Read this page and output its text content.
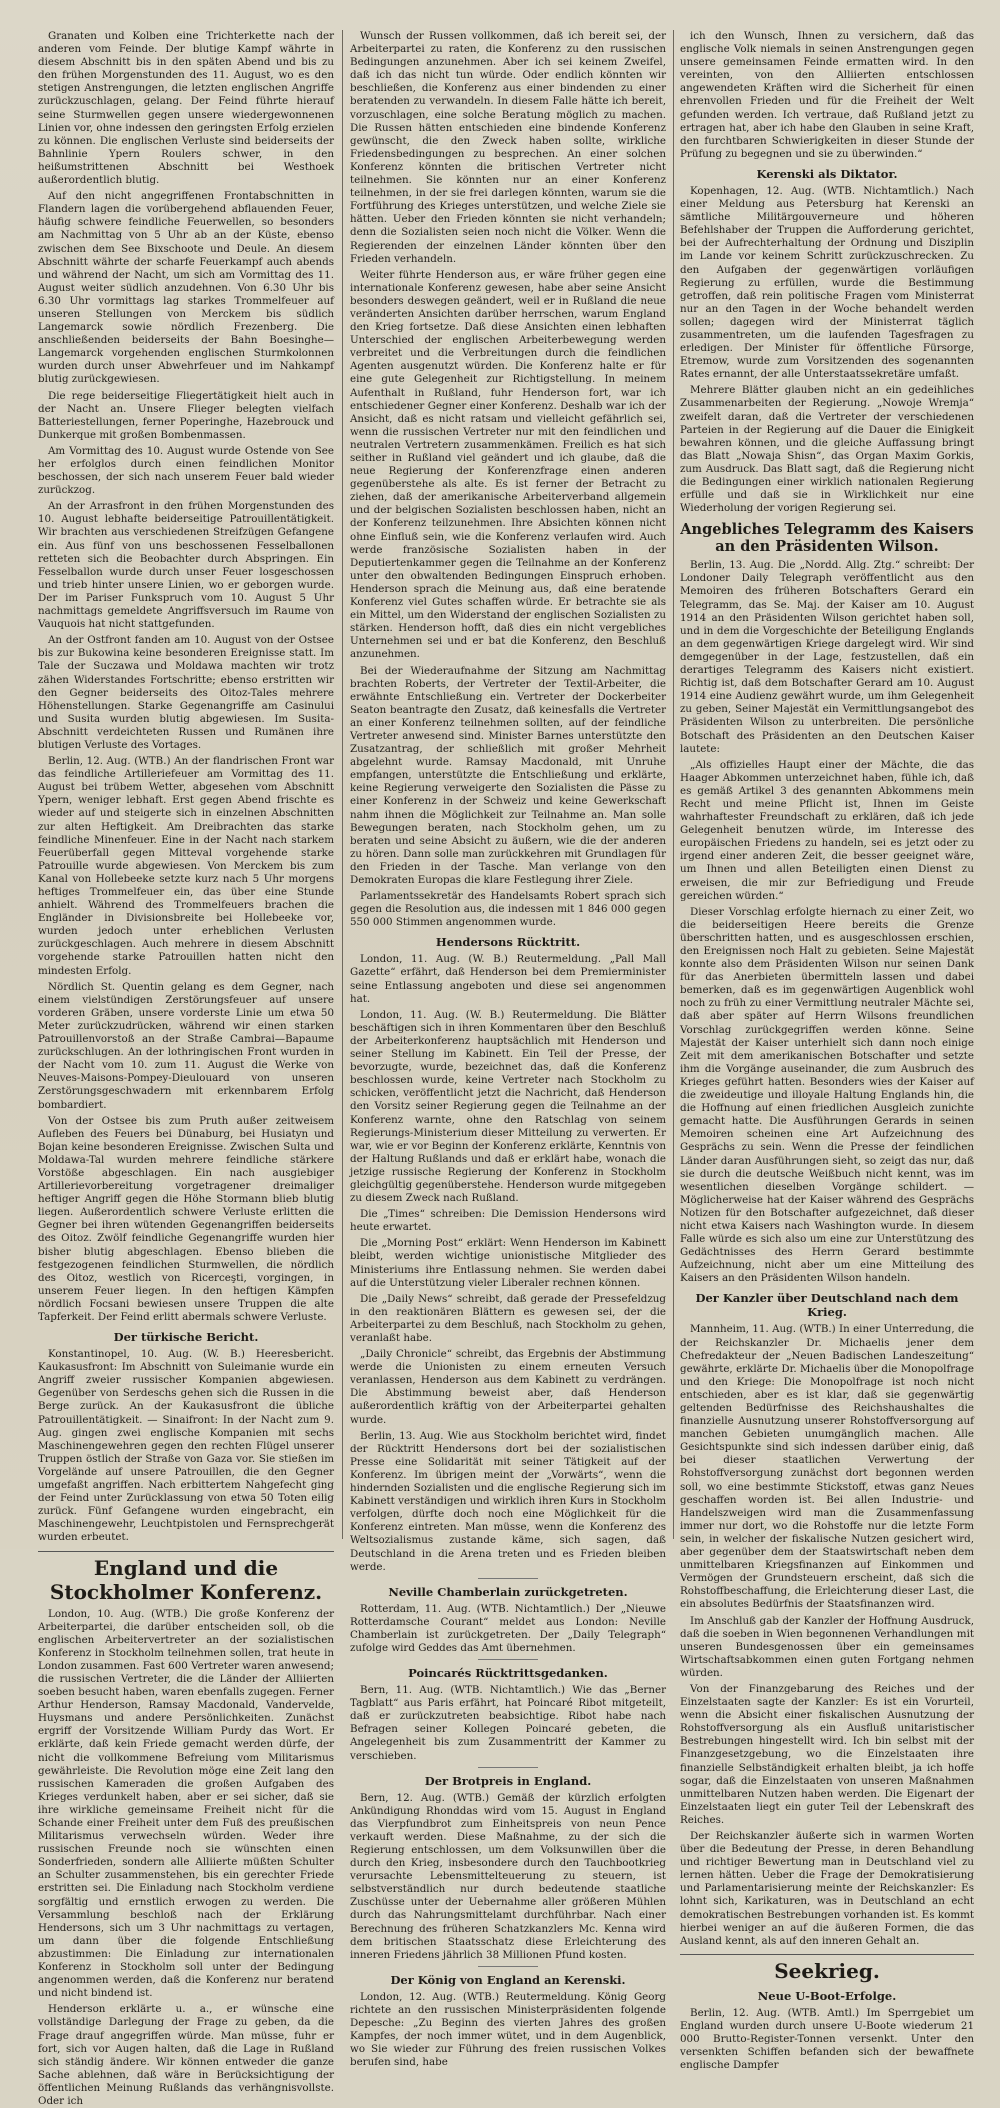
Granaten und Kolben eine Trichterkette nach der anderen vom Feinde. Der blutige Kampf währte in diesem Abschnitt bis in den späten Abend und bis zu den frühen Morgenstunden des 11. August, wo es den stetigen Anstrengungen, die letzten englischen Angriffe zurückzuschlagen, gelang. Der Feind führte hierauf seine Sturmwellen gegen unsere wiedergewonnenen Linien vor, ohne indessen den geringsten Erfolg erzielen zu können. Die englischen Verluste sind beiderseits der Bahnlinie Ypern Roulers schwer, in den heißumstrittenen Abschnitt bei Westhoek außerordentlich blutig.

Auf den nicht angegriffenen Frontabschnitten in Flandern lagen die vorübergehend abflauenden Feuer, häufig schwere feindliche Feuerwellen, so besonders am Nachmittag von 5 Uhr ab an der Küste, ebenso zwischen dem See Bixschoote und Deule. An diesem Abschnitt währte der scharfe Feuerkampf auch abends und während der Nacht, um sich am Vormittag des 11. August weiter südlich anzudehnen. Von 6.30 Uhr bis 6.30 Uhr vormittags lag starkes Trommelfeuer auf unseren Stellungen von Merckem bis südlich Langemarck sowie nördlich Frezenberg. Die anschließenden beiderseits der Bahn Boesinghe—Langemarck vorgehenden englischen Sturmkolonnen wurden durch unser Abwehrfeuer und im Nahkampf blutig zurückgewiesen.

Die rege beiderseitige Fliegertätigkeit hielt auch in der Nacht an. Unsere Flieger belegten vielfach Batteriestellungen, ferner Poperinghe, Hazebrouck und Dunkerque mit großen Bombenmassen.

Am Vormittag des 10. August wurde Ostende von See her erfolglos durch einen feindlichen Monitor beschossen, der sich nach unserem Feuer bald wieder zurückzog.

An der Arrasfront in den frühen Morgenstunden des 10. August lebhafte beiderseitige Patrouillentätigkeit. Wir brachten aus verschiedenen Streifzügen Gefangene ein. Aus fünf von uns beschossenen Fesselballonen retteten sich die Beobachter durch Abspringen. Ein Fesselballon wurde durch unser Feuer losgeschossen und trieb hinter unsere Linien, wo er geborgen wurde. Der im Pariser Funkspruch vom 10. August 5 Uhr nachmittags gemeldete Angriffsversuch im Raume von Vauquois hat nicht stattgefunden.

An der Ostfront fanden am 10. August von der Ostsee bis zur Bukowina keine besonderen Ereignisse statt. Im Tale der Suczawa und Moldawa machten wir trotz zähen Widerstandes Fortschritte; ebenso erstritten wir den Gegner beiderseits des Oitoz-Tales mehrere Höhenstellungen. Starke Gegenangriffe am Casinului und Susita wurden blutig abgewiesen. Im Susita-Abschnitt verdeichteten Russen und Rumänen ihre blutigen Verluste des Vortages.

Berlin, 12. Aug. (WTB.) An der flandrischen Front war das feindliche Artilleriefeuer am Vormittag des 11. August bei trübem Wetter, abgesehen vom Abschnitt Ypern, weniger lebhaft. Erst gegen Abend frischte es wieder auf und steigerte sich in einzelnen Abschnitten zur alten Heftigkeit. Am Dreibrachten das starke feindliche Minenfeuer. Eine in der Nacht nach starkem Feuerüberfall gegen Mitteval vorgehende starke Patrouille wurde abgewiesen. Von Merckem bis zum Kanal von Hollebeeke setzte kurz nach 5 Uhr morgens heftiges Trommelfeuer ein, das über eine Stunde anhielt. Während des Trommelfeuers brachen die Engländer in Divisionsbreite bei Hollebeeke vor, wurden jedoch unter erheblichen Verlusten zurückgeschlagen. Auch mehrere in diesem Abschnitt vorgehende starke Patrouillen hatten nicht den mindesten Erfolg.

Nördlich St. Quentin gelang es dem Gegner, nach einem vielstündigen Zerstörungsfeuer auf unsere vorderen Gräben, unsere vorderste Linie um etwa 50 Meter zurückzudrücken, während wir einen starken Patrouillenvorstoß an der Straße Cambrai—Bapaume zurückschlugen. An der lothringischen Front wurden in der Nacht vom 10. zum 11. August die Werke von Neuves-Maisons-Pompey-Dieulouard von unseren Zerstörungsgeschwadern mit erkennbarem Erfolg bombardiert.

Von der Ostsee bis zum Pruth außer zeitweisem Aufleben des Feuers bei Dünaburg, bei Husiatyn und Bojan keine besonderen Ereignisse. Zwischen Sulta und Moldawa-Tal wurden mehrere feindliche stärkere Vorstöße abgeschlagen. Ein nach ausgiebiger Artillerievorbereitung vorgetragener dreimaliger heftiger Angriff gegen die Höhe Stormann blieb blutig liegen. Außerordentlich schwere Verluste erlitten die Gegner bei ihren wütenden Gegenangriffen beiderseits des Oitoz. Zwölf feindliche Gegenangriffe wurden hier bisher blutig abgeschlagen. Ebenso blieben die festgezogenen feindlichen Sturmwellen, die nördlich des Oitoz, westlich von Ricerceşti, vorgingen, in unserem Feuer liegen. In den heftigen Kämpfen nördlich Focsani bewiesen unsere Truppen die alte Tapferkeit. Der Feind erlitt abermals schwere Verluste.

Der türkische Bericht.

Konstantinopel, 10. Aug. (W. B.) Heeresbericht. Kaukasusfront: Im Abschnitt von Suleimanie wurde ein Angriff zweier russischer Kompanien abgewiesen. Gegenüber von Serdeschs gehen sich die Russen in die Berge zurück. An der Kaukasusfront die übliche Patrouillentätigkeit. — Sinaifront: In der Nacht zum 9. Aug. gingen zwei englische Kompanien mit sechs Maschinengewehren gegen den rechten Flügel unserer Truppen östlich der Straße von Gaza vor. Sie stießen im Vorgelände auf unsere Patrouillen, die den Gegner umgefaßt angriffen. Nach erbittertem Nahgefecht ging der Feind unter Zurücklassung von etwa 50 Toten eilig zurück. Fünf Gefangene wurden eingebracht, ein Maschinengewehr, Leuchtpistolen und Fernsprechgerät wurden erbeutet.

England und die Stockholmer Konferenz.

London, 10. Aug. (WTB.) Die große Konferenz der Arbeiterpartei, die darüber entscheiden soll, ob die englischen Arbeitervertreter an der sozialistischen Konferenz in Stockholm teilnehmen sollen, trat heute in London zusammen. Fast 600 Vertreter waren anwesend; die russischen Vertreter, die die Länder der Alliierten soeben besucht haben, waren ebenfalls zugegen. Ferner Arthur Henderson, Ramsay Macdonald, Vandervelde, Huysmans und andere Persönlichkeiten. Zunächst ergriff der Vorsitzende William Purdy das Wort. Er erklärte, daß kein Friede gemacht werden dürfe, der nicht die vollkommene Befreiung vom Militarismus gewährleiste. Die Revolution möge eine Zeit lang den russischen Kameraden die großen Aufgaben des Krieges verdunkelt haben, aber er sei sicher, daß sie ihre wirkliche gemeinsame Freiheit nicht für die Schande einer Freiheit unter dem Fuß des preußischen Militarismus verwechseln würden. Weder ihre russischen Freunde noch sie wünschten einen Sonderfrieden, sondern alle Alliierte müßten Schulter an Schulter zusammenstehen, bis ein gerechter Friede erstritten sei. Die Einladung nach Stockholm verdiene sorgfältig und ernstlich erwogen zu werden. Die Versammlung beschloß nach der Erklärung Hendersons, sich um 3 Uhr nachmittags zu vertagen, um dann über die folgende Entschließung abzustimmen: Die Einladung zur internationalen Konferenz in Stockholm soll unter der Bedingung angenommen werden, daß die Konferenz nur beratend und nicht bindend ist.

Henderson erklärte u. a., er wünsche eine vollständige Darlegung der Frage zu geben, da die Frage drauf angegriffen würde. Man müsse, fuhr er fort, sich vor Augen halten, daß die Lage in Rußland sich ständig ändere. Wir können entweder die ganze Sache ablehnen, daß wäre in Berücksichtigung der öffentlichen Meinung Rußlands das verhängnisvollste. Oder ich

Wunsch der Russen vollkommen, daß ich bereit sei, der Arbeiterpartei zu raten, die Konferenz zu den russischen Bedingungen anzunehmen. Aber ich sei keinem Zweifel, daß ich das nicht tun würde. Oder endlich könnten wir beschließen, die Konferenz aus einer bindenden zu einer beratenden zu verwandeln. In diesem Falle hätte ich bereit, vorzuschlagen, eine solche Beratung möglich zu machen. Die Russen hätten entschieden eine bindende Konferenz gewünscht, die den Zweck haben sollte, wirkliche Friedensbedingungen zu besprechen. An einer solchen Konferenz könnten die britischen Vertreter nicht teilnehmen. Sie könnten nur an einer Konferenz teilnehmen, in der sie frei darlegen könnten, warum sie die Fortführung des Krieges unterstützen, und welche Ziele sie hätten. Ueber den Frieden könnten sie nicht verhandeln; denn die Sozialisten seien noch nicht die Völker. Wenn die Regierenden der einzelnen Länder könnten über den Frieden verhandeln.

Weiter führte Henderson aus, er wäre früher gegen eine internationale Konferenz gewesen, habe aber seine Ansicht besonders deswegen geändert, weil er in Rußland die neue veränderten Ansichten darüber herrschen, warum England den Krieg fortsetze. Daß diese Ansichten einen lebhaften Unterschied der englischen Arbeiterbewegung werden verbreitet und die Verbreitungen durch die feindlichen Agenten ausgenutzt würden. Die Konferenz halte er für eine gute Gelegenheit zur Richtigstellung. In meinem Aufenthalt in Rußland, fuhr Henderson fort, war ich entschiedener Gegner einer Konferenz. Deshalb war ich der Ansicht, daß es nicht ratsam und vielleicht gefährlich sei, wenn die russischen Vertreter nur mit den feindlichen und neutralen Vertretern zusammenkämen. Freilich es hat sich seither in Rußland viel geändert und ich glaube, daß die neue Regierung der Konferenzfrage einen anderen gegenüberstehe als alte. Es ist ferner der Betracht zu ziehen, daß der amerikanische Arbeiterverband allgemein und der belgischen Sozialisten beschlossen haben, nicht an der Konferenz teilzunehmen. Ihre Absichten können nicht ohne Einfluß sein, wie die Konferenz verlaufen wird. Auch werde französische Sozialisten haben in der Deputiertenkammer gegen die Teilnahme an der Konferenz unter den obwaltenden Bedingungen Einspruch erhoben. Henderson sprach die Meinung aus, daß eine beratende Konferenz viel Gutes schaffen würde. Er betrachte sie als ein Mittel, um den Widerstand der englischen Sozialisten zu stärken. Henderson hofft, daß dies ein nicht vergebliches Unternehmen sei und er bat die Konferenz, den Beschluß anzunehmen.

Bei der Wiederaufnahme der Sitzung am Nachmittag brachten Roberts, der Vertreter der Textil-Arbeiter, die erwähnte Entschließung ein. Vertreter der Dockerbeiter Seaton beantragte den Zusatz, daß keinesfalls die Vertreter an einer Konferenz teilnehmen sollten, auf der feindliche Vertreter anwesend sind. Minister Barnes unterstützte den Zusatzantrag, der schließlich mit großer Mehrheit abgelehnt wurde. Ramsay Macdonald, mit Unruhe empfangen, unterstützte die Entschließung und erklärte, keine Regierung verweigerte den Sozialisten die Pässe zu einer Konferenz in der Schweiz und keine Gewerkschaft nahm ihnen die Möglichkeit zur Teilnahme an. Man solle Bewegungen beraten, nach Stockholm gehen, um zu beraten und seine Absicht zu äußern, wie die der anderen zu hören. Dann solle man zurückkehren mit Grundlagen für den Frieden in der Tasche. Man verlange von den Demokraten Europas die klare Festlegung ihrer Ziele.

Parlamentssekretär des Handelsamts Robert sprach sich gegen die Resolution aus, die indessen mit 1 846 000 gegen 550 000 Stimmen angenommen wurde.

Hendersons Rücktritt.

London, 11. Aug. (W. B.) Reutermeldung. „Pall Mall Gazette“ erfährt, daß Henderson bei dem Premierminister seine Entlassung angeboten und diese sei angenommen hat.

London, 11. Aug. (W. B.) Reutermeldung. Die Blätter beschäftigen sich in ihren Kommentaren über den Beschluß der Arbeiterkonferenz hauptsächlich mit Henderson und seiner Stellung im Kabinett. Ein Teil der Presse, der bevorzugte, wurde, bezeichnet das, daß die Konferenz beschlossen wurde, keine Vertreter nach Stockholm zu schicken, veröffentlicht jetzt die Nachricht, daß Henderson den Vorsitz seiner Regierung gegen die Teilnahme an der Konferenz warnte, ohne den Ratschlag von seinem Regierungs-Ministerium dieser Mitteilung zu verwerten. Er war, wie er vor Beginn der Konferenz erklärte, Kenntnis von der Haltung Rußlands und daß er erklärt habe, wonach die jetzige russische Regierung der Konferenz in Stockholm gleichgültig gegenüberstehe. Henderson wurde mitgegeben zu diesem Zweck nach Rußland.

Die „Times“ schreiben: Die Demission Hendersons wird heute erwartet.

Die „Morning Post“ erklärt: Wenn Henderson im Kabinett bleibt, werden wichtige unionistische Mitglieder des Ministeriums ihre Entlassung nehmen. Sie werden dabei auf die Unterstützung vieler Liberaler rechnen können.

Die „Daily News“ schreibt, daß gerade der Pressefeldzug in den reaktionären Blättern es gewesen sei, der die Arbeiterpartei zu dem Beschluß, nach Stockholm zu gehen, veranlaßt habe.

„Daily Chronicle“ schreibt, das Ergebnis der Abstimmung werde die Unionisten zu einem erneuten Versuch veranlassen, Henderson aus dem Kabinett zu verdrängen. Die Abstimmung beweist aber, daß Henderson außerordentlich kräftig von der Arbeiterpartei gehalten wurde.

Berlin, 13. Aug. Wie aus Stockholm berichtet wird, findet der Rücktritt Hendersons dort bei der sozialistischen Presse eine Solidarität mit seiner Tätigkeit auf der Konferenz. Im übrigen meint der „Vorwärts“, wenn die hindernden Sozialisten und die englische Regierung sich im Kabinett verständigen und wirklich ihren Kurs in Stockholm verfolgen, dürfte doch noch eine Möglichkeit für die Konferenz eintreten. Man müsse, wenn die Konferenz des Weltsozialismus zustande käme, sich sagen, daß Deutschland in die Arena treten und es Frieden bleiben werde.

Neville Chamberlain zurückgetreten.

Rotterdam, 11. Aug. (WTB. Nichtamtlich.) Der „Nieuwe Rotterdamsche Courant“ meldet aus London: Neville Chamberlain ist zurückgetreten. Der „Daily Telegraph“ zufolge wird Geddes das Amt übernehmen.

Poincarés Rücktrittsgedanken.

Bern, 11. Aug. (WTB. Nichtamtlich.) Wie das „Berner Tagblatt“ aus Paris erfährt, hat Poincaré Ribot mitgeteilt, daß er zurückzutreten beabsichtige. Ribot habe nach Befragen seiner Kollegen Poincaré gebeten, die Angelegenheit bis zum Zusammentritt der Kammer zu verschieben.

Der Brotpreis in England.

Bern, 12. Aug. (WTB.) Gemäß der kürzlich erfolgten Ankündigung Rhonddas wird vom 15. August in England das Vierpfundbrot zum Einheitspreis von neun Pence verkauft werden. Diese Maßnahme, zu der sich die Regierung entschlossen, um dem Volksunwillen über die durch den Krieg, insbesondere durch den Tauchbootkrieg verursachte Lebensmittelteuerung zu steuern, ist selbstverständlich nur durch bedeutende staatliche Zuschüsse unter der Uebernahme aller größeren Mühlen durch das Nahrungsmittelamt durchführbar. Nach einer Berechnung des früheren Schatzkanzlers Mc. Kenna wird dem britischen Staatsschatz diese Erleichterung des inneren Friedens jährlich 38 Millionen Pfund kosten.

Der König von England an Kerenski.

London, 12. Aug. (WTB.) Reutermeldung. König Georg richtete an den russischen Ministerpräsidenten folgende Depesche: „Zu Beginn des vierten Jahres des großen Kampfes, der noch immer wütet, und in dem Augenblick, wo Sie wieder zur Führung des freien russischen Volkes berufen sind, habe

ich den Wunsch, Ihnen zu versichern, daß das englische Volk niemals in seinen Anstrengungen gegen unsere gemeinsamen Feinde ermatten wird. In den vereinten, von den Alliierten entschlossen angewendeten Kräften wird die Sicherheit für einen ehrenvollen Frieden und für die Freiheit der Welt gefunden werden. Ich vertraue, daß Rußland jetzt zu ertragen hat, aber ich habe den Glauben in seine Kraft, den furchtbaren Schwierigkeiten in dieser Stunde der Prüfung zu begegnen und sie zu überwinden.“

Kerenski als Diktator.

Kopenhagen, 12. Aug. (WTB. Nichtamtlich.) Nach einer Meldung aus Petersburg hat Kerenski an sämtliche Militärgouverneure und höheren Befehlshaber der Truppen die Aufforderung gerichtet, bei der Aufrechterhaltung der Ordnung und Disziplin im Lande vor keinem Schritt zurückzuschrecken. Zu den Aufgaben der gegenwärtigen vorläufigen Regierung zu erfüllen, wurde die Bestimmung getroffen, daß rein politische Fragen vom Ministerrat nur an den Tagen in der Woche behandelt werden sollen; dagegen wird der Ministerrat täglich zusammentreten, um die laufenden Tagesfragen zu erledigen. Der Minister für öffentliche Fürsorge, Etremow, wurde zum Vorsitzenden des sogenannten Rates ernannt, der alle Unterstaatssekretäre umfaßt.

Mehrere Blätter glauben nicht an ein gedeihliches Zusammenarbeiten der Regierung. „Nowoje Wremja“ zweifelt daran, daß die Vertreter der verschiedenen Parteien in der Regierung auf die Dauer die Einigkeit bewahren können, und die gleiche Auffassung bringt das Blatt „Nowaja Shisn“, das Organ Maxim Gorkis, zum Ausdruck. Das Blatt sagt, daß die Regierung nicht die Bedingungen einer wirklich nationalen Regierung erfülle und daß sie in Wirklichkeit nur eine Wiederholung der vorigen Regierung sei.

Angebliches Telegramm des Kaisers an den Präsidenten Wilson.

Berlin, 13. Aug. Die „Nordd. Allg. Ztg.“ schreibt: Der Londoner Daily Telegraph veröffentlicht aus den Memoiren des früheren Botschafters Gerard ein Telegramm, das Se. Maj. der Kaiser am 10. August 1914 an den Präsidenten Wilson gerichtet haben soll, und in dem die Vorgeschichte der Beteiligung Englands an dem gegenwärtigen Kriege dargelegt wird. Wir sind demgegenüber in der Lage, festzustellen, daß ein derartiges Telegramm des Kaisers nicht existiert. Richtig ist, daß dem Botschafter Gerard am 10. August 1914 eine Audienz gewährt wurde, um ihm Gelegenheit zu geben, Seiner Majestät ein Vermittlungsangebot des Präsidenten Wilson zu unterbreiten. Die persönliche Botschaft des Präsidenten an den Deutschen Kaiser lautete:

„Als offizielles Haupt einer der Mächte, die das Haager Abkommen unterzeichnet haben, fühle ich, daß es gemäß Artikel 3 des genannten Abkommens mein Recht und meine Pflicht ist, Ihnen im Geiste wahrhaftester Freundschaft zu erklären, daß ich jede Gelegenheit benutzen würde, im Interesse des europäischen Friedens zu handeln, sei es jetzt oder zu irgend einer anderen Zeit, die besser geeignet wäre, um Ihnen und allen Beteiligten einen Dienst zu erweisen, die mir zur Befriedigung und Freude gereichen würden.“

Dieser Vorschlag erfolgte hiernach zu einer Zeit, wo die beiderseitigen Heere bereits die Grenze überschritten hatten, und es ausgeschlossen erschien, den Ereignissen noch Halt zu gebieten. Seine Majestät konnte also dem Präsidenten Wilson nur seinen Dank für das Anerbieten übermitteln lassen und dabei bemerken, daß es im gegenwärtigen Augenblick wohl noch zu früh zu einer Vermittlung neutraler Mächte sei, daß aber später auf Herrn Wilsons freundlichen Vorschlag zurückgegriffen werden könne. Seine Majestät der Kaiser unterhielt sich dann noch einige Zeit mit dem amerikanischen Botschafter und setzte ihm die Vorgänge auseinander, die zum Ausbruch des Krieges geführt hatten. Besonders wies der Kaiser auf die zweideutige und illoyale Haltung Englands hin, die die Hoffnung auf einen friedlichen Ausgleich zunichte gemacht hatte. Die Ausführungen Gerards in seinen Memoiren scheinen eine Art Aufzeichnung des Gesprächs zu sein. Wenn die Presse der feindlichen Länder daran Ausführungen sieht, so zeigt das nur, daß sie durch die deutsche Weißbuch nicht kennt, was im wesentlichen dieselben Vorgänge schildert. — Möglicherweise hat der Kaiser während des Gesprächs Notizen für den Botschafter aufgezeichnet, daß dieser nicht etwa Kaisers nach Washington wurde. In diesem Falle würde es sich also um eine zur Unterstützung des Gedächtnisses des Herrn Gerard bestimmte Aufzeichnung, nicht aber um eine Mitteilung des Kaisers an den Präsidenten Wilson handeln.

Der Kanzler über Deutschland nach dem Krieg.

Mannheim, 11. Aug. (WTB.) In einer Unterredung, die der Reichskanzler Dr. Michaelis jener dem Chefredakteur der „Neuen Badischen Landeszeitung“ gewährte, erklärte Dr. Michaelis über die Monopolfrage und den Kriege: Die Monopolfrage ist noch nicht entschieden, aber es ist klar, daß sie gegenwärtig geltenden Bedürfnisse des Reichshaushaltes die finanzielle Ausnutzung unserer Rohstoffversorgung auf manchen Gebieten unumgänglich machen. Alle Gesichtspunkte sind sich indessen darüber einig, daß bei dieser staatlichen Verwertung der Rohstoffversorgung zunächst dort begonnen werden soll, wo eine bestimmte Stickstoff, etwas ganz Neues geschaffen worden ist. Bei allen Industrie- und Handelszweigen wird man die Zusammenfassung immer nur dort, wo die Rohstoffe nur die letzte Form sein, in welcher der fiskalische Nutzen gesichert wird, aber gegenüber dem der Staatswirtschaft neben dem unmittelbaren Kriegsfinanzen auf Einkommen und Vermögen der Grundsteuern erscheint, daß sich die Rohstoffbeschaffung, die Erleichterung dieser Last, die ein absolutes Bedürfnis der Staatsfinanzen wird.

Im Anschluß gab der Kanzler der Hoffnung Ausdruck, daß die soeben in Wien begonnenen Verhandlungen mit unseren Bundesgenossen über ein gemeinsames Wirtschaftsabkommen einen guten Fortgang nehmen würden.

Von der Finanzgebarung des Reiches und der Einzelstaaten sagte der Kanzler: Es ist ein Vorurteil, wenn die Absicht einer fiskalischen Ausnutzung der Rohstoffversorgung als ein Ausfluß unitaristischer Bestrebungen hingestellt wird. Ich bin selbst mit der Finanzgesetzgebung, wo die Einzelstaaten ihre finanzielle Selbständigkeit erhalten bleibt, ja ich hoffe sogar, daß die Einzelstaaten von unseren Maßnahmen unmittelbaren Nutzen haben werden. Die Eigenart der Einzelstaaten liegt ein guter Teil der Lebenskraft des Reiches.

Der Reichskanzler äußerte sich in warmen Worten über die Bedeutung der Presse, in deren Behandlung und richtiger Bewertung man in Deutschland viel zu lernen hätten. Ueber die Frage der Demokratisierung und Parlamentarisierung meinte der Reichskanzler: Es lohnt sich, Karikaturen, was in Deutschland an echt demokratischen Bestrebungen vorhanden ist. Es kommt hierbei weniger an auf die äußeren Formen, die das Ausland kennt, als auf den inneren Gehalt an.

Seekrieg.
Neue U-Boot-Erfolge.

Berlin, 12. Aug. (WTB. Amtl.) Im Sperrgebiet um England wurden durch unsere U-Boote wiederum 21 000 Brutto-Register-Tonnen versenkt. Unter den versenkten Schiffen befanden sich der bewaffnete englische Dampfer
